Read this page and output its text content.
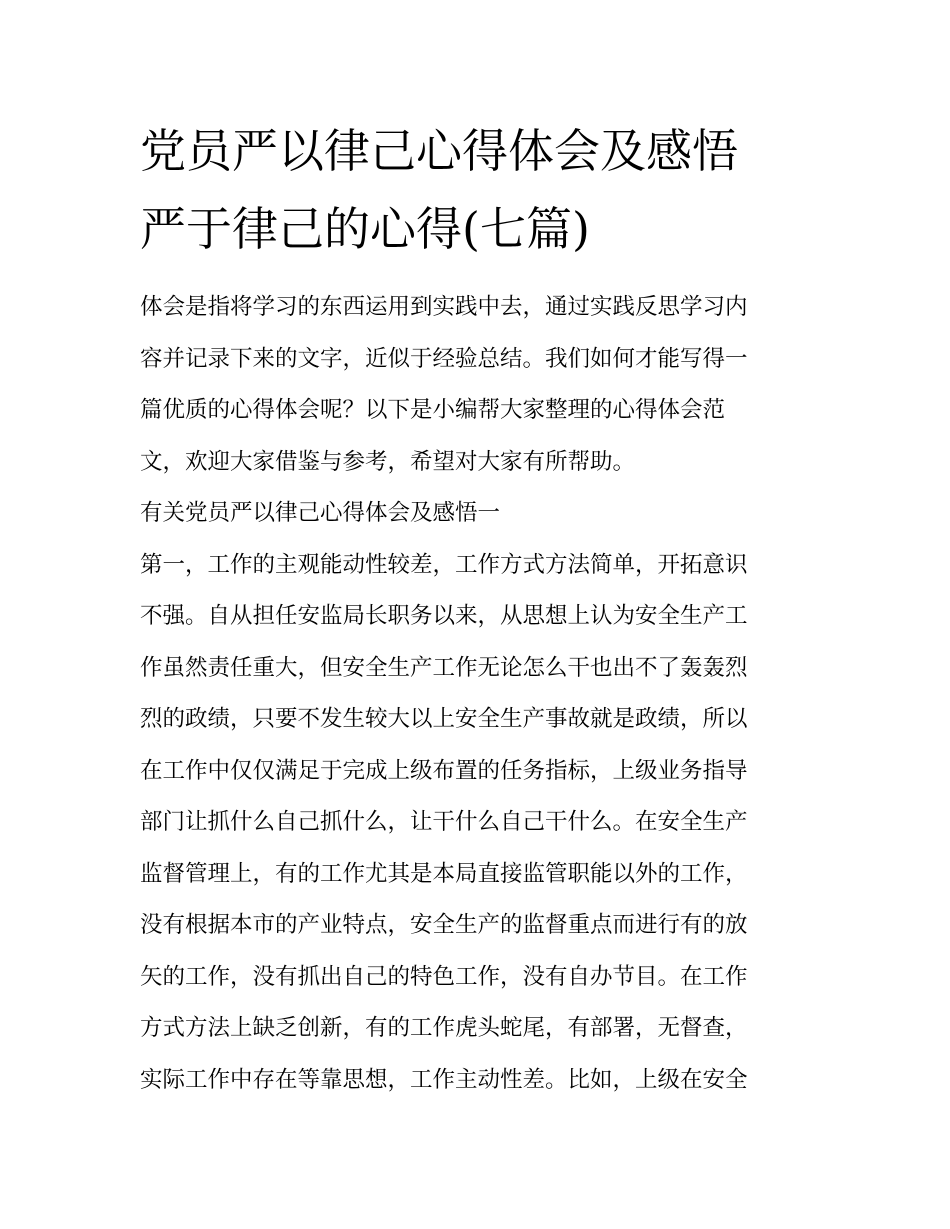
党员严以律己心得体会及感悟
严于律己的心得(七篇)
体会是指将学习的东西运用到实践中去，通过实践反思学习内
容并记录下来的文字，近似于经验总结。我们如何才能写得一
篇优质的心得体会呢？以下是小编帮大家整理的心得体会范
文，欢迎大家借鉴与参考，希望对大家有所帮助。
有关党员严以律己心得体会及感悟一
第一，工作的主观能动性较差，工作方式方法简单，开拓意识
不强。自从担任安监局长职务以来，从思想上认为安全生产工
作虽然责任重大，但安全生产工作无论怎么干也出不了轰轰烈
烈的政绩，只要不发生较大以上安全生产事故就是政绩，所以
在工作中仅仅满足于完成上级布置的任务指标，上级业务指导
部门让抓什么自己抓什么，让干什么自己干什么。在安全生产
监督管理上，有的工作尤其是本局直接监管职能以外的工作，
没有根据本市的产业特点，安全生产的监督重点而进行有的放
矢的工作，没有抓出自己的特色工作，没有自办节目。在工作
方式方法上缺乏创新，有的工作虎头蛇尾，有部署，无督查，
实际工作中存在等靠思想，工作主动性差。比如，上级在安全
